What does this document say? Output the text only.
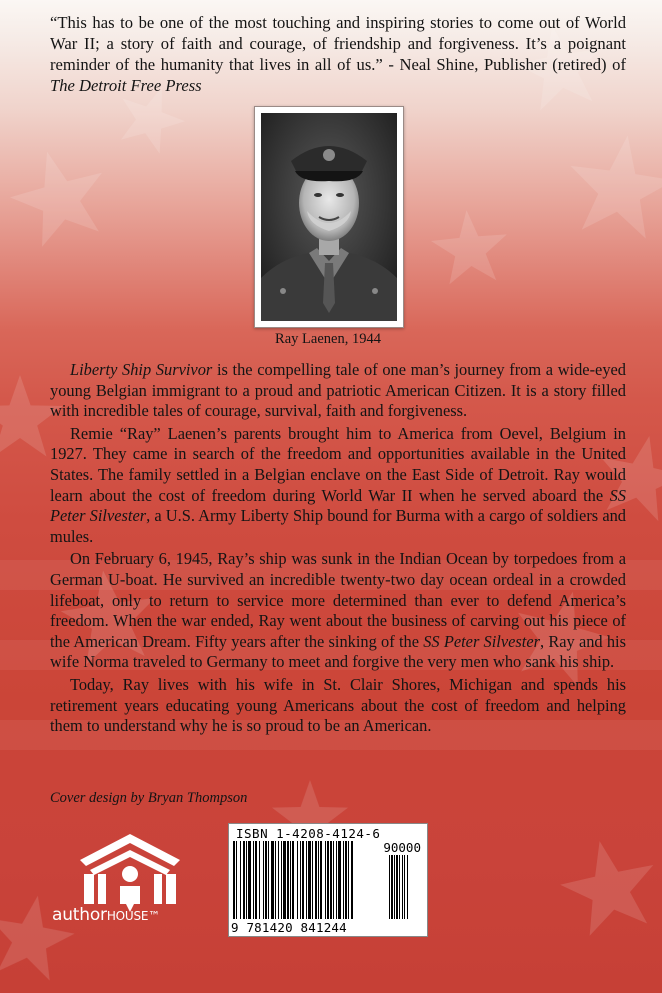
“This has to be one of the most touching and inspiring stories to come out of World War II; a story of faith and courage, of friendship and forgiveness. It’s a poignant reminder of the humanity that lives in all of us.” - Neal Shine, Publisher (retired) of The Detroit Free Press
Ray Laenen, 1944

Liberty Ship Survivor is the compelling tale of one man’s journey from a wide-eyed young Belgian immigrant to a proud and patriotic American Citizen. It is a story filled with incredible tales of courage, survival, faith and forgiveness.

Remie “Ray” Laenen’s parents brought him to America from Oevel, Belgium in 1927. They came in search of the freedom and opportunities available in the United States. The family settled in a Belgian enclave on the East Side of Detroit. Ray would learn about the cost of freedom during World War II when he served aboard the SS Peter Silvester, a U.S. Army Liberty Ship bound for Burma with a cargo of soldiers and mules.

On February 6, 1945, Ray’s ship was sunk in the Indian Ocean by torpedoes from a German U-boat. He survived an incredible twenty-two day ocean ordeal in a crowded lifeboat, only to return to service more determined than ever to defend America’s freedom. When the war ended, Ray went about the business of carving out his piece of the American Dream. Fifty years after the sinking of the SS Peter Silvester, Ray and his wife Norma traveled to Germany to meet and forgive the very men who sank his ship.

Today, Ray lives with his wife in St. Clair Shores, Michigan and spends his retirement years educating young Americans about the cost of freedom and helping them to understand why he is so proud to be an American.

Cover design by Bryan Thompson
authorHOUSE™
ISBN 1-4208-4124-6
90000
9 781420 841244
